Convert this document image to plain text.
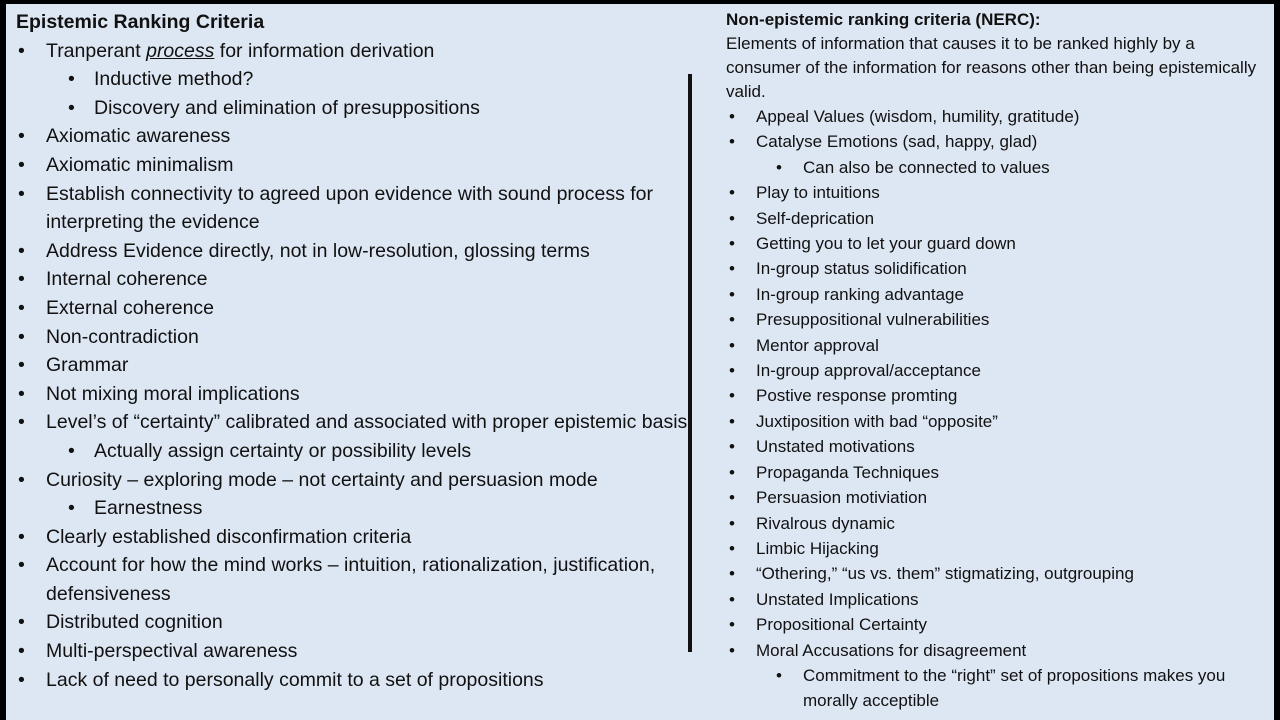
Epistemic Ranking Criteria
• Tranperant process for information derivation
• Inductive method?
• Discovery and elimination of presuppositions
• Axiomatic awareness
• Axiomatic minimalism
• Establish connectivity to agreed upon evidence with sound process for interpreting the evidence
• Address Evidence directly, not in low-resolution, glossing terms
• Internal coherence
• External coherence
• Non-contradiction
• Grammar
• Not mixing moral implications
• Level’s of “certainty” calibrated and associated with proper epistemic basis
• Actually assign certainty or possibility levels
• Curiosity – exploring mode – not certainty and persuasion mode
• Earnestness
• Clearly established disconfirmation criteria
• Account for how the mind works – intuition, rationalization, justification, defensiveness
• Distributed cognition
• Multi-perspectival awareness
• Lack of need to personally commit to a set of propositions
Non-epistemic ranking criteria (NERC):
Elements of information that causes it to be ranked highly by a consumer of the information for reasons other than being epistemically valid.
• Appeal Values (wisdom, humility, gratitude)
• Catalyse Emotions (sad, happy, glad)
• Can also be connected to values
• Play to intuitions
• Self-deprication
• Getting you to let your guard down
• In-group status solidification
• In-group ranking advantage
• Presuppositional vulnerabilities
• Mentor approval
• In-group approval/acceptance
• Postive response promting
• Juxtiposition with bad “opposite”
• Unstated motivations
• Propaganda Techniques
• Persuasion motiviation
• Rivalrous dynamic
• Limbic Hijacking
• “Othering,” “us vs. them” stigmatizing, outgrouping
• Unstated Implications
• Propositional Certainty
• Moral Accusations for disagreement
• Commitment to the “right” set of propositions makes you morally acceptible
